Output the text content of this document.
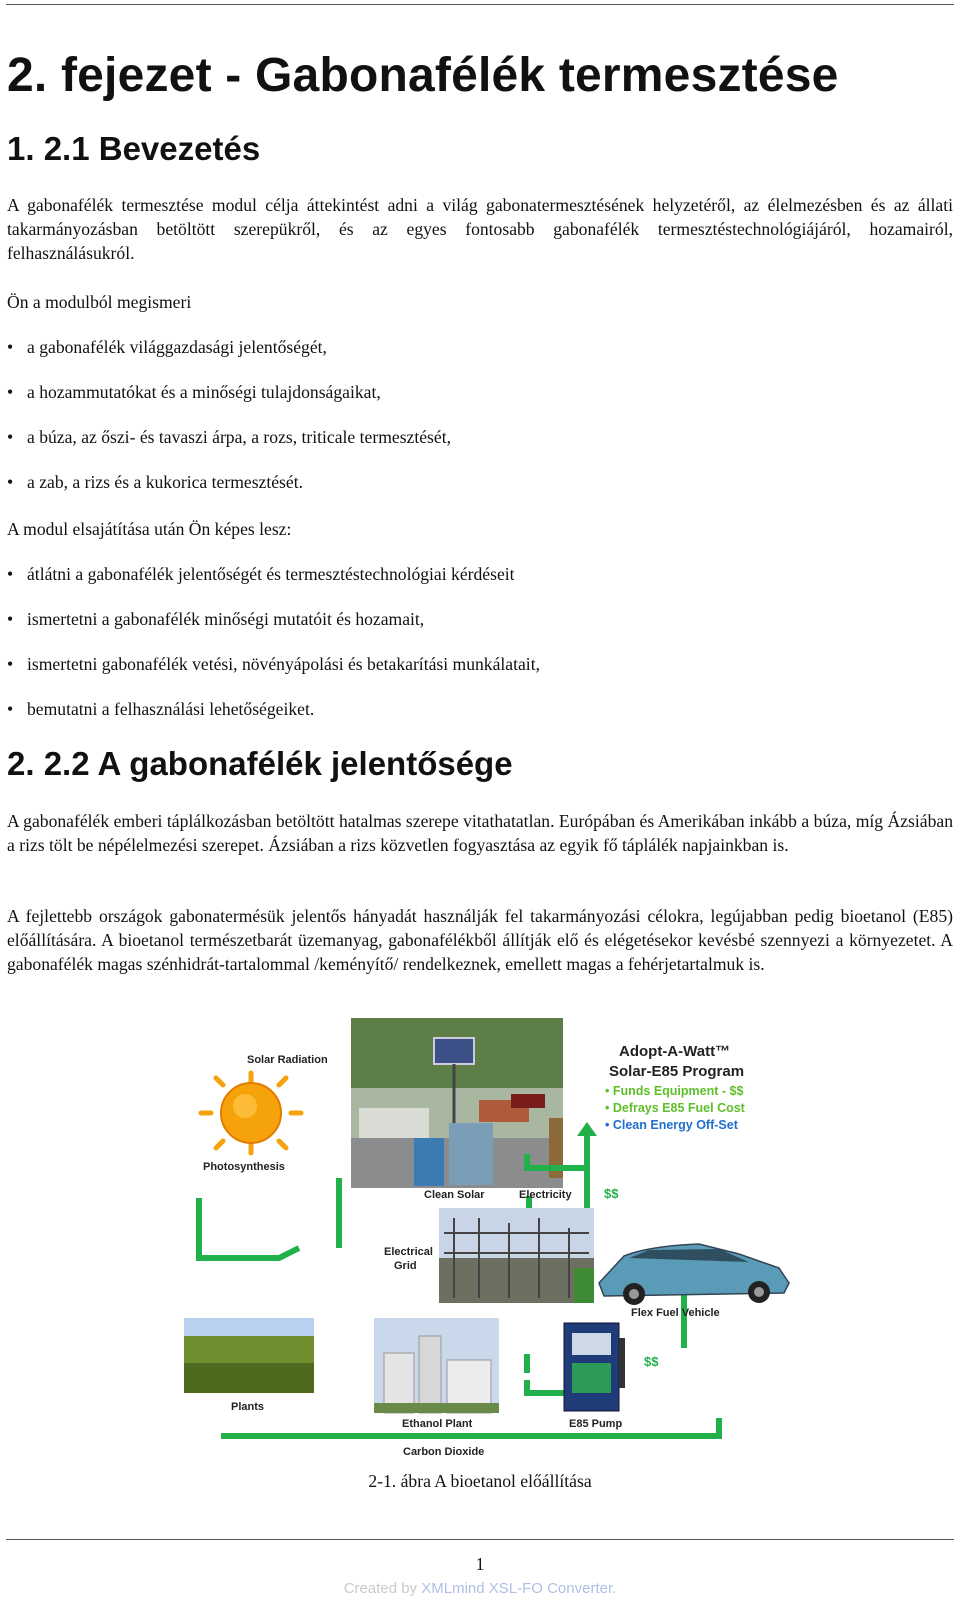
2. fejezet - Gabonafélék termesztése
1. 2.1 Bevezetés

A gabonafélék termesztése modul célja áttekintést adni a világ gabonatermesztésének helyzetéről, az élelmezésben és az állati takarmányozásban betöltött szerepükről, és az egyes fontosabb gabonafélék termesztéstechnológiájáról, hozamairól, felhasználásukról.

Ön a modulból megismeri

• a gabonafélék világgazdasági jelentőségét,
• a hozammutatókat és a minőségi tulajdonságaikat,
• a búza, az őszi- és tavaszi árpa, a rozs, triticale termesztését,
• a zab, a rizs és a kukorica termesztését.

A modul elsajátítása után Ön képes lesz:

• átlátni a gabonafélék jelentőségét és termesztéstechnológiai kérdéseit
• ismertetni a gabonafélék minőségi mutatóit és hozamait,
• ismertetni gabonafélék vetési, növényápolási és betakarítási munkálatait,
• bemutatni a felhasználási lehetőségeiket.
2. 2.2 A gabonafélék jelentősége

A gabonafélék emberi táplálkozásban betöltött hatalmas szerepe vitathatatlan. Európában és Amerikában inkább a búza, míg Ázsiában a rizs tölt be népélelmezési szerepet. Ázsiában a rizs közvetlen fogyasztása az egyik fő táplálék napjainkban is.

A fejlettebb országok gabonatermésük jelentős hányadát használják fel takarmányozási célokra, legújabban pedig bioetanol (E85) előállítására. A bioetanol természetbarát üzemanyag, gabonafélékből állítják elő és elégetésekor kevésbé szennyezi a környezetet. A gabonafélék magas szénhidrát-tartalommal /keményítő/ rendelkeznek, emellett magas a fehérjetartalmuk is.

Solar Radiation
Photosynthesis
Adopt-A-Watt™
Solar-E85 Program
• Funds Equipment - $$
• Defrays E85 Fuel Cost
• Clean Energy Off-Set
Clean Solar	Electricity $$
Electrical
Grid
Flex Fuel Vehicle
$$
Plants
Ethanol Plant	E85 Pump
Carbon Dioxide

2-1. ábra A bioetanol előállítása

1

Created by XMLmind XSL-FO Converter.
